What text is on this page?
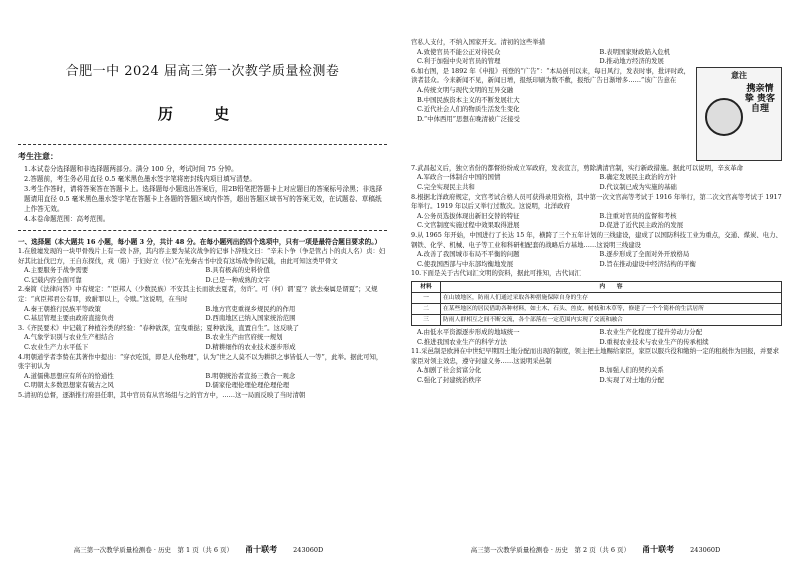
合肥一中 2024 届高三第一次教学质量检测卷
历 史
考生注意：
1.本试卷分选择题和非选择题两部分。满分 100 分，考试时间 75 分钟。
2.答题前，考生务必用直径 0.5 毫米黑色墨水签字笔将密封线内项目填写清楚。
3.考生作答时，请将答案答在答题卡上。选择题每小题选出答案后，用2B铅笔把答题卡上对应题目的答案标号涂黑；非选择题请用直径 0.5 毫米黑色墨水签字笔在答题卡上各题的答题区域内作答，超出答题区域书写的答案无效，在试题卷、草稿纸上作答无效。
4.本卷命题范围：高考范围。
一、选择题（本大题共 16 小题，每小题 3 分，共计 48 分。在每小题列出的四个选项中，只有一项是最符合题目要求的。）
1.在殷墟发现的一块甲骨残片上有一段卜辞，其内容主要为某次战争的记事卜辞残文曰：“辛未卜争（争是管占卜的贞人名）贞：妇好其比沚伐巴方，王自东探伐，戎（陷）于妇好立（位）”在先秦古书中没有这场战争的记载，由此可知这类甲骨文
A.主要服务于战争需要	B.具有极高的史料价值
C.记载内容全面可靠	D.已是一种成熟的文字
2.秦简《法律问答》中有规定：“‘臣邦人（少数民族）不安其主长而欲去夏者，勿许’。可（何）谓‘夏’？欲去秦属是谓夏”；又规定：“真臣邦君公有罪，致耐罪以上，令赎。”这说明，在当时
A.秦王朝推行民族平等政策	B.地方官吏重视乡规民约的作用
C.基层管理主要由政府直接负责	D.西南地区已纳入国家统治范围
3.《齐民要术》中记载了种植谷类的经验：“春种欲深，宜曳重挞；夏种欲浅，直置自生”。这反映了
A.气象学识别与农业生产相结合	B.农业生产由官府统一规划
C.农业生产力水平低下	D.精耕细作的农业技术逐步形成
4.明朝道学者李贽在其著作中提出：“穿衣吃饭，即是人伦物理”，认为“世之人莫不以为耕织之事皆低人一等”，此举。据此可知，张宇初认为
A.道儒佛思想应有所在的恰通性	B.明朝统治者宣扬三教合一观念
C.明朝太多数思想家有破古之风	D.儒家伦理伦理伦理伦理伦理
5.清初的总督，逐渐推行府县任职，其中官员有从官场组与之的官方中，……这一局面反映了当时清朝
高三第一次教学质量检测卷 · 历史　第 1 页（共 6 页） 甬十联考 243060D
官私人支付，不纳入国家开支。清初的这些举措
A.致使官员不能公正对待民众	B.表明国家财政陷入危机
C.利于加强中央对官员的管理	D.推动地方经济的发展
意注
携亲情挚 贵客自理
6.如右图，是 1892 年《申报》刊登的“广告”：“本局创刊以来，每日风行，发表时事，批评时政，读者甚众。今来新闻不见，新闻日增，报纸印刷为数不敷，报纸广告日渐增多……”该广告意在
A.传统文明与现代文明的互异交融
B.中国民族资本主义的不断发展壮大
C.近代社会人们的物质生活发生变化
D.“中体西用”思想在晚清被广泛接受
7.武昌起义后，独立省份的都督纷纷成立军政府，发表宣言，剪除满清官制，实行新政措施。据此可以说明，辛亥革命
A.军政合一体制合中国的国情	B.确定发展民主政治的方针
C.完全实现民主共和	D.代议制已成为实施的基础
8.根据北洋政府规定，文官考试合格人员可获得录用资格，其中第一次文官高等考试于 1916 年举行，第二次文官高等考试于 1917 年举行。1919 年以后又举行过数次。这说明，北洋政府
A.公务员选拔体现出新旧交替的特征	B.注重对官员的监督和考核
C.文官制度实施过程中效果取得进展	D.促进了近代民主政治的发展
9.从 1965 年开始，中国进行了长达 15 年，横跨了三个五年计划的三线建设，建成了以国防科技工业为重点，交通、煤炭、电力、钢铁、化学、机械、电子等工业和科研相配套的战略后方基地……这说明三线建设
A.改善了我国城市布局不平衡的问题	B.逐步形成了全面对外开放格局
C.使我国西部与中东部均衡地发展	D.旨在推动建设中经济结构的平衡
10.下面是关于古代词汇文明的资料，据此可推知，古代词汇
材料	内　　容
一	在山坡地区，防雨人们通过采取各种措施保障自身的生存
二	在某些地区的居民借助各种材料，如土木、石头、兽皮、树枝和木草等，修建了一个个简朴的生活居所
三	防雨人群相互之间不断交流，各个部落在一定范围内实现了交流和融合
A.由低水平资源逐步形成的地域统一	B.农业生产化程度了提升劳动力分配
C.推进我国农业生产的科学方法	D.重视农业技术与农业生产的传承相续
11.采邑制是欧洲在中世纪早期因土地分配而出现的制度，领主把土地赐给家臣，家臣以服兵役和缴纳一定的租税作为回报，并要求家臣对领主效忠，遵守封建义务……这说明采邑制
A.加剧了社会贫富分化	B.加强人们的契约关系
C.强化了封建统治秩序	D.实现了对土地的分配
高三第一次教学质量检测卷 · 历史　第 2 页（共 6 页） 甬十联考 243060D
